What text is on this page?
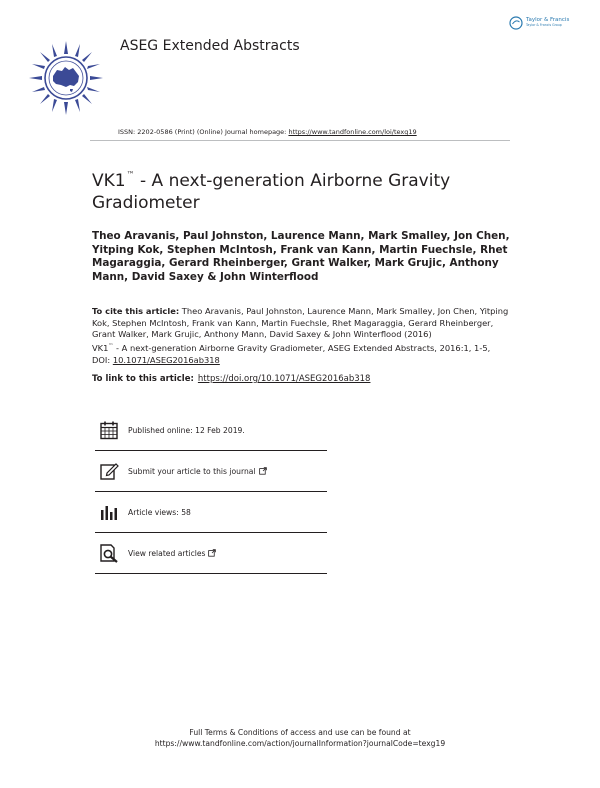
ASEG Extended Abstracts
Taylor & Francis
Taylor & Francis Group
ISSN: 2202-0586 (Print) (Online) Journal homepage: https://www.tandfonline.com/loi/texg19
VK1™ - A next-generation Airborne Gravity Gradiometer
Theo Aravanis, Paul Johnston, Laurence Mann, Mark Smalley, Jon Chen, Yitping Kok, Stephen McIntosh, Frank van Kann, Martin Fuechsle, Rhet Magaraggia, Gerard Rheinberger, Grant Walker, Mark Grujic, Anthony Mann, David Saxey & John Winterflood
To cite this article: Theo Aravanis, Paul Johnston, Laurence Mann, Mark Smalley, Jon Chen, Yitping Kok, Stephen McIntosh, Frank van Kann, Martin Fuechsle, Rhet Magaraggia, Gerard Rheinberger, Grant Walker, Mark Grujic, Anthony Mann, David Saxey & John Winterflood (2016)
VK1™ - A next-generation Airborne Gravity Gradiometer, ASEG Extended Abstracts, 2016:1, 1-5,
DOI: 10.1071/ASEG2016ab318
To link to this article: https://doi.org/10.1071/ASEG2016ab318
Published online: 12 Feb 2019.
Submit your article to this journal
Article views: 58
View related articles
Full Terms & Conditions of access and use can be found at
https://www.tandfonline.com/action/journalInformation?journalCode=texg19
